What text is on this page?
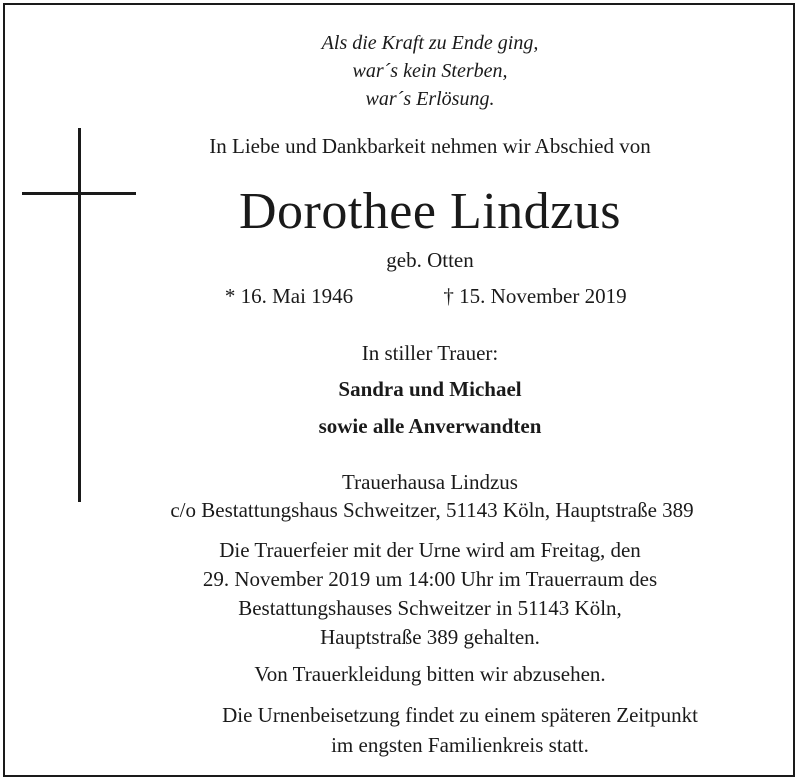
Als die Kraft zu Ende ging,
war´s kein Sterben,
war´s Erlösung.
In Liebe und Dankbarkeit nehmen wir Abschied von
Dorothee Lindzus
geb. Otten
* 16. Mai 1946	† 15. November 2019
In stiller Trauer:
Sandra und Michael
sowie alle Anverwandten
Trauerhausa Lindzus
c/o Bestattungshaus Schweitzer, 51143 Köln, Hauptstraße 389
Die Trauerfeier mit der Urne wird am Freitag, den
29. November 2019 um 14:00 Uhr im Trauerraum des
Bestattungshauses Schweitzer in 51143 Köln,
Hauptstraße 389 gehalten.
Von Trauerkleidung bitten wir abzusehen.
Die Urnenbeisetzung findet zu einem späteren Zeitpunkt
im engsten Familienkreis statt.
